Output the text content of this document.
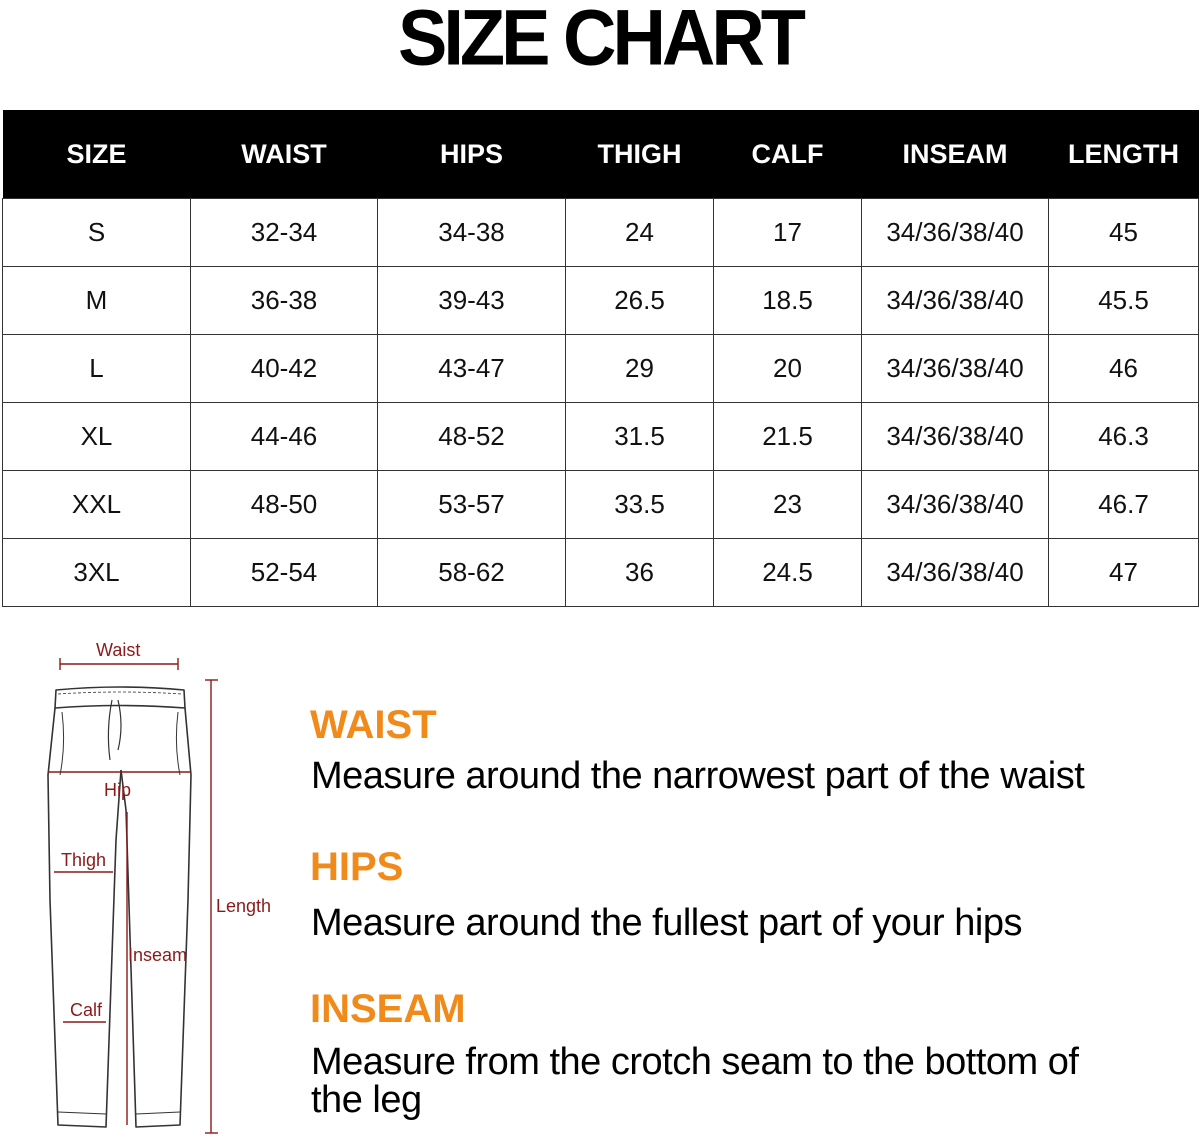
SIZE CHART
SIZE	WAIST	HIPS	THIGH	CALF	INSEAM	LENGTH
S	32-34	34-38	24	17	34/36/38/40	45
M	36-38	39-43	26.5	18.5	34/36/38/40	45.5
L	40-42	43-47	29	20	34/36/38/40	46
XL	44-46	48-52	31.5	21.5	34/36/38/40	46.3
XXL	48-50	53-57	33.5	23	34/36/38/40	46.7
3XL	52-54	58-62	36	24.5	34/36/38/40	47
Waist
Hip
Thigh
Length
Inseam
Calf
WAIST
Measure around the narrowest part of the waist
HIPS
Measure around the fullest part of your hips
INSEAM
Measure from the crotch seam to the bottom of the leg
